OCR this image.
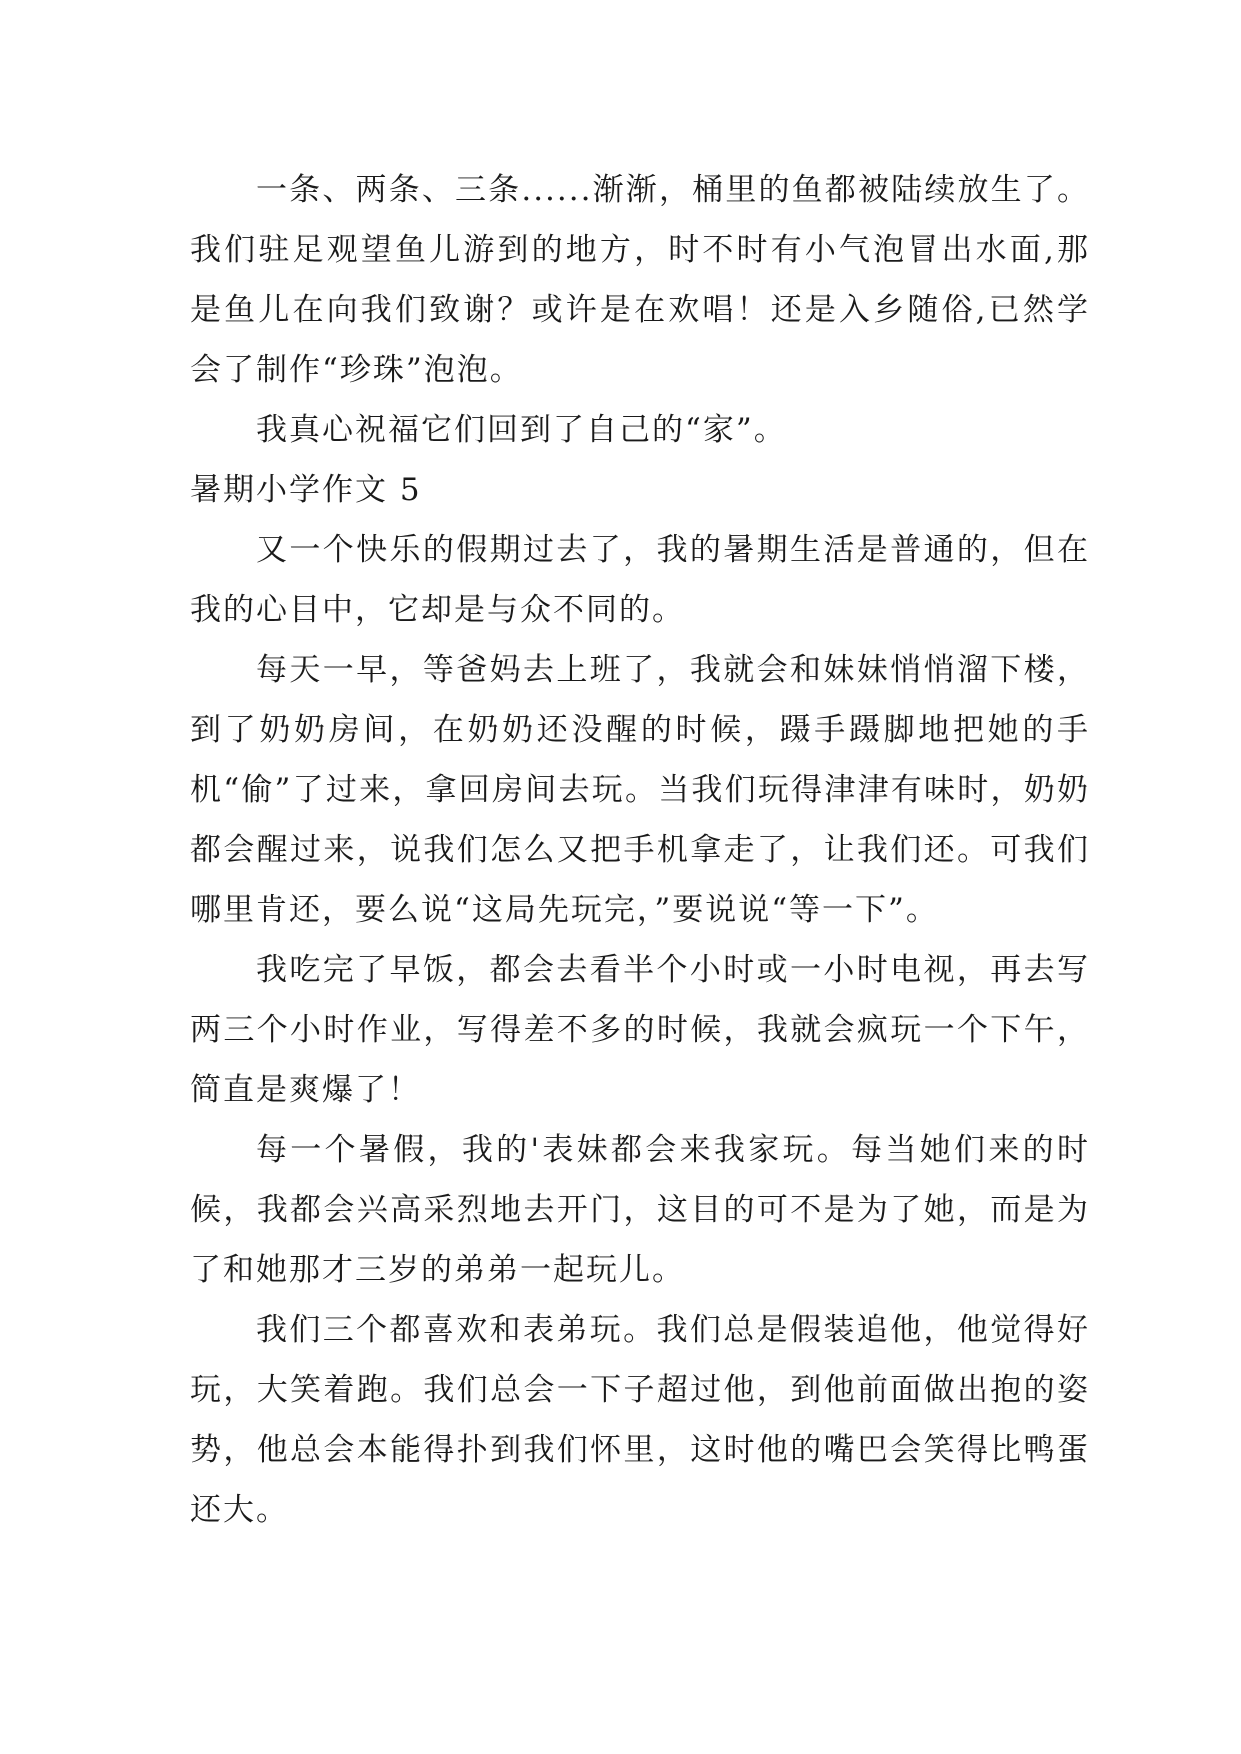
一条、两条、三条......渐渐，桶里的鱼都被陆续放生了。我们驻足观望鱼儿游到的地方，时不时有小气泡冒出水面,那是鱼儿在向我们致谢？或许是在欢唱！还是入乡随俗,已然学会了制作“珍珠”泡泡。

我真心祝福它们回到了自己的“家”。

暑期小学作文 5

又一个快乐的假期过去了，我的暑期生活是普通的，但在我的心目中，它却是与众不同的。

每天一早，等爸妈去上班了，我就会和妹妹悄悄溜下楼，到了奶奶房间，在奶奶还没醒的时候，蹑手蹑脚地把她的手机“偷”了过来，拿回房间去玩。当我们玩得津津有味时，奶奶都会醒过来，说我们怎么又把手机拿走了，让我们还。可我们哪里肯还，要么说“这局先玩完，”要说说“等一下”。

我吃完了早饭，都会去看半个小时或一小时电视，再去写两三个小时作业，写得差不多的时候，我就会疯玩一个下午，简直是爽爆了！

每一个暑假，我的'表妹都会来我家玩。每当她们来的时候，我都会兴高采烈地去开门，这目的可不是为了她，而是为了和她那才三岁的弟弟一起玩儿。

我们三个都喜欢和表弟玩。我们总是假装追他，他觉得好玩，大笑着跑。我们总会一下子超过他，到他前面做出抱的姿势，他总会本能得扑到我们怀里，这时他的嘴巴会笑得比鸭蛋还大。
